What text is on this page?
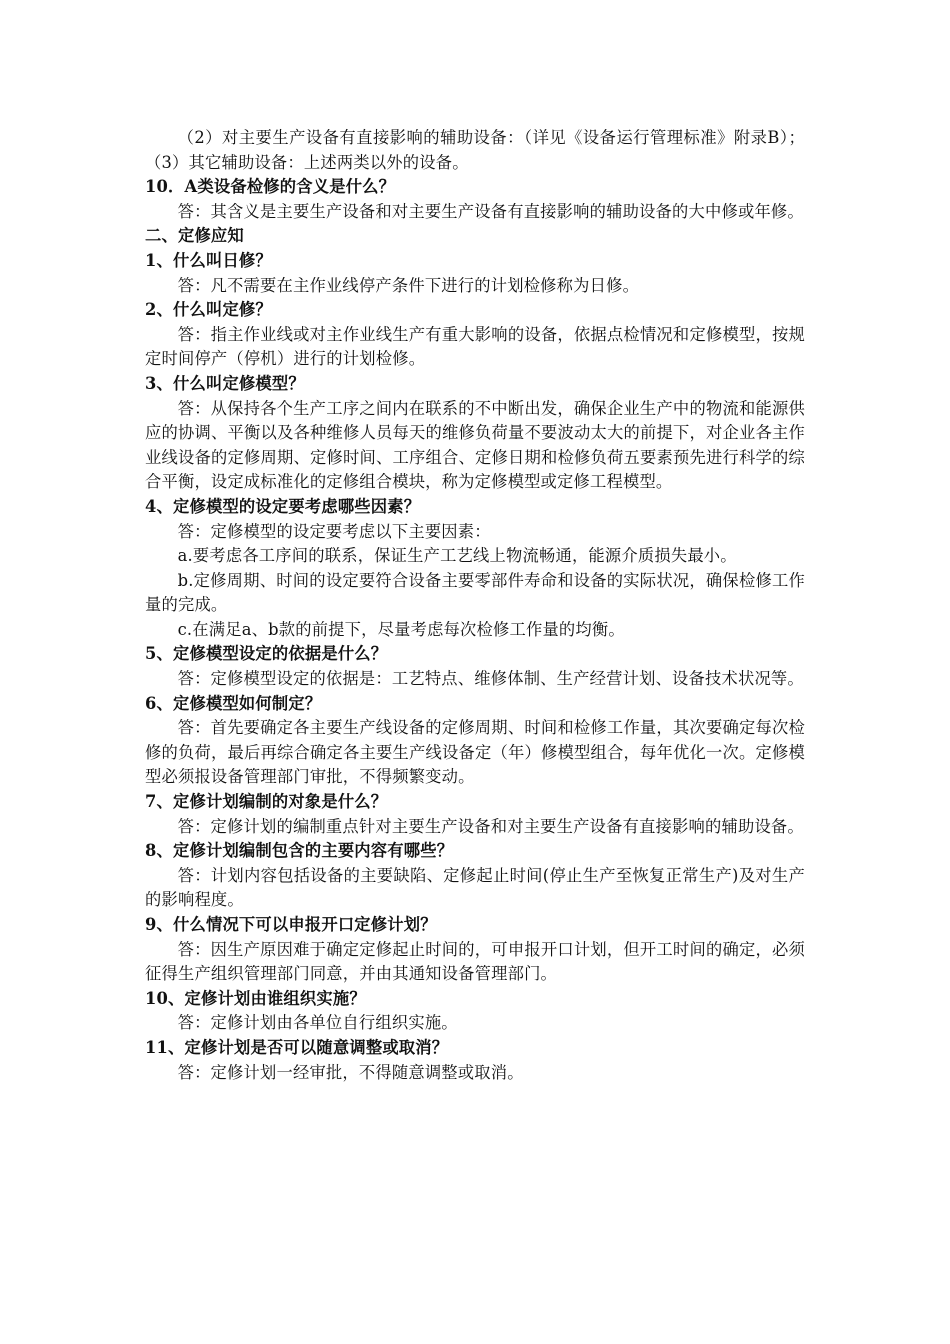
（2）对主要生产设备有直接影响的辅助设备：（详见《设备运行管理标准》附录B）；（3）其它辅助设备：上述两类以外的设备。

10．A类设备检修的含义是什么？

答：其含义是主要生产设备和对主要生产设备有直接影响的辅助设备的大中修或年修。

二、定修应知

1、什么叫日修？

答：凡不需要在主作业线停产条件下进行的计划检修称为日修。

2、什么叫定修？

答：指主作业线或对主作业线生产有重大影响的设备，依据点检情况和定修模型，按规定时间停产（停机）进行的计划检修。

3、什么叫定修模型？

答：从保持各个生产工序之间内在联系的不中断出发，确保企业生产中的物流和能源供应的协调、平衡以及各种维修人员每天的维修负荷量不要波动太大的前提下，对企业各主作业线设备的定修周期、定修时间、工序组合、定修日期和检修负荷五要素预先进行科学的综合平衡，设定成标准化的定修组合模块，称为定修模型或定修工程模型。

4、定修模型的设定要考虑哪些因素？

答：定修模型的设定要考虑以下主要因素：

a.要考虑各工序间的联系，保证生产工艺线上物流畅通，能源介质损失最小。

b.定修周期、时间的设定要符合设备主要零部件寿命和设备的实际状况，确保检修工作量的完成。

c.在满足a、b款的前提下，尽量考虑每次检修工作量的均衡。

5、定修模型设定的依据是什么？

答：定修模型设定的依据是：工艺特点、维修体制、生产经营计划、设备技术状况等。

6、定修模型如何制定？

答：首先要确定各主要生产线设备的定修周期、时间和检修工作量，其次要确定每次检修的负荷，最后再综合确定各主要生产线设备定（年）修模型组合，每年优化一次。定修模型必须报设备管理部门审批，不得频繁变动。

7、定修计划编制的对象是什么？

答：定修计划的编制重点针对主要生产设备和对主要生产设备有直接影响的辅助设备。

8、定修计划编制包含的主要内容有哪些？

答：计划内容包括设备的主要缺陷、定修起止时间(停止生产至恢复正常生产)及对生产的影响程度。

9、什么情况下可以申报开口定修计划？

答：因生产原因难于确定定修起止时间的，可申报开口计划，但开工时间的确定，必须征得生产组织管理部门同意，并由其通知设备管理部门。

10、定修计划由谁组织实施？

答：定修计划由各单位自行组织实施。

11、定修计划是否可以随意调整或取消？

答：定修计划一经审批，不得随意调整或取消。
